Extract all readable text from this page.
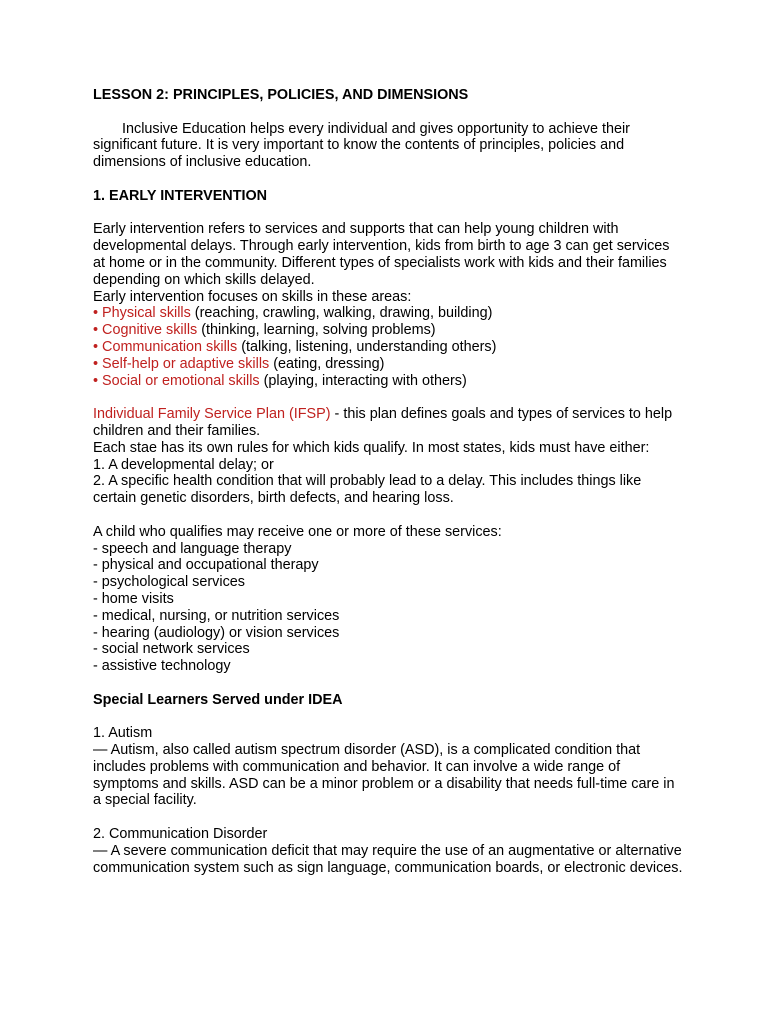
LESSON 2: PRINCIPLES, POLICIES, AND DIMENSIONS

Inclusive Education helps every individual and gives opportunity to achieve their significant future. It is very important to know the contents of principles, policies and dimensions of inclusive education.

1. EARLY INTERVENTION

Early intervention refers to services and supports that can help young children with developmental delays. Through early intervention, kids from birth to age 3 can get services at home or in the community. Different types of specialists work with kids and their families depending on which skills delayed.

Early intervention focuses on skills in these areas:

• Physical skills (reaching, crawling, walking, drawing, building)
• Cognitive skills (thinking, learning, solving problems)
• Communication skills (talking, listening, understanding others)
• Self-help or adaptive skills (eating, dressing)
• Social or emotional skills (playing, interacting with others)

Individual Family Service Plan (IFSP) - this plan defines goals and types of services to help children and their families.

Each stae has its own rules for which kids qualify. In most states, kids must have either:

1. A developmental delay; or

2. A specific health condition that will probably lead to a delay. This includes things like certain genetic disorders, birth defects, and hearing loss.

A child who qualifies may receive one or more of these services:

- speech and language therapy
- physical and occupational therapy
- psychological services
- home visits
- medical, nursing, or nutrition services
- hearing (audiology) or vision services
- social network services
- assistive technology

Special Learners Served under IDEA

1. Autism

— Autism, also called autism spectrum disorder (ASD), is a complicated condition that includes problems with communication and behavior. It can involve a wide range of symptoms and skills. ASD can be a minor problem or a disability that needs full-time care in a special facility.

2. Communication Disorder

— A severe communication deficit that may require the use of an augmentative or alternative communication system such as sign language, communication boards, or electronic devices.
